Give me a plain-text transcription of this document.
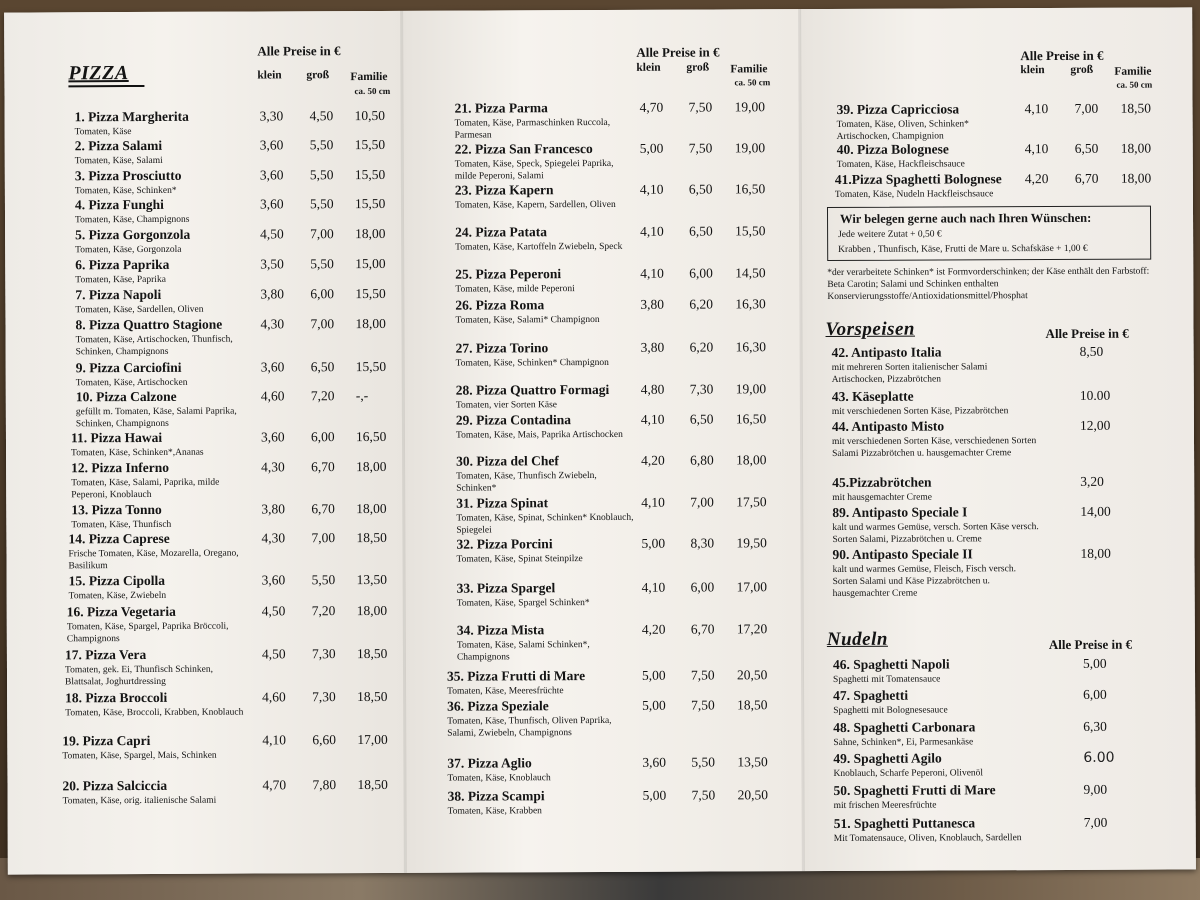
PIZZA
Alle Preise in €
klein groß Familie
ca. 50 cm
Alle Preise in €
klein groß Familie
ca. 50 cm
Alle Preise in €
klein groß Familie
ca. 50 cm
1. Pizza Margherita
Tomaten, Käse
3,30 4,50 10,50
2. Pizza Salami
Tomaten, Käse, Salami
3,60 5,50 15,50
3. Pizza Prosciutto
Tomaten, Käse, Schinken*
3,60 5,50 15,50
4. Pizza Funghi
Tomaten, Käse, Champignons
3,60 5,50 15,50
5. Pizza Gorgonzola
Tomaten, Käse, Gorgonzola
4,50 7,00 18,00
6. Pizza Paprika
Tomaten, Käse, Paprika
3,50 5,50 15,00
7. Pizza Napoli
Tomaten, Käse, Sardellen, Oliven
3,80 6,00 15,50
8. Pizza Quattro Stagione
Tomaten, Käse, Artischocken, Thunfisch, Schinken, Champignons
4,30 7,00 18,00
9. Pizza Carciofini
Tomaten, Käse, Artischocken
3,60 6,50 15,50
10. Pizza Calzone
gefüllt m. Tomaten, Käse, Salami Paprika, Schinken, Champignons
4,60 7,20 -,-
11. Pizza Hawai
Tomaten, Käse, Schinken*,Ananas
3,60 6,00 16,50
12. Pizza Inferno
Tomaten, Käse, Salami, Paprika, milde Peperoni, Knoblauch
4,30 6,70 18,00
13. Pizza Tonno
Tomaten, Käse, Thunfisch
3,80 6,70 18,00
14. Pizza Caprese
Frische Tomaten, Käse, Mozarella, Oregano, Basilikum
4,30 7,00 18,50
15. Pizza Cipolla
Tomaten, Käse, Zwiebeln
3,60 5,50 13,50
16. Pizza Vegetaria
Tomaten, Käse, Spargel, Paprika Bröccoli, Champignons
4,50 7,20 18,00
17. Pizza Vera
Tomaten, gek. Ei, Thunfisch Schinken, Blattsalat, Joghurtdressing
4,50 7,30 18,50
18. Pizza Broccoli
Tomaten, Käse, Broccoli, Krabben, Knoblauch
4,60 7,30 18,50
19. Pizza Capri
Tomaten, Käse, Spargel, Mais, Schinken
4,10 6,60 17,00
20. Pizza Salciccia
Tomaten, Käse, orig. italienische Salami
4,70 7,80 18,50
21. Pizza Parma
Tomaten, Käse, Parmaschinken Ruccola, Parmesan
4,70 7,50 19,00
22. Pizza San Francesco
Tomaten, Käse, Speck, Spiegelei Paprika, milde Peperoni, Salami
5,00 7,50 19,00
23. Pizza Kapern
Tomaten, Käse, Kapern, Sardellen, Oliven
4,10 6,50 16,50
24. Pizza Patata
Tomaten, Käse, Kartoffeln Zwiebeln, Speck
4,10 6,50 15,50
25. Pizza Peperoni
Tomaten, Käse, milde Peperoni
4,10 6,00 14,50
26. Pizza Roma
Tomaten, Käse, Salami* Champignon
3,80 6,20 16,30
27. Pizza Torino
Tomaten, Käse, Schinken* Champignon
3,80 6,20 16,30
28. Pizza Quattro Formagi
Tomaten, vier Sorten Käse
4,80 7,30 19,00
29. Pizza Contadina
Tomaten, Käse, Mais, Paprika Artischocken
4,10 6,50 16,50
30. Pizza del Chef
Tomaten, Käse, Thunfisch Zwiebeln, Schinken*
4,20 6,80 18,00
31. Pizza Spinat
Tomaten, Käse, Spinat, Schinken* Knoblauch, Spiegelei
4,10 7,00 17,50
32. Pizza Porcini
Tomaten, Käse, Spinat Steinpilze
5,00 8,30 19,50
33. Pizza Spargel
Tomaten, Käse, Spargel Schinken*
4,10 6,00 17,00
34. Pizza Mista
Tomaten, Käse, Salami Schinken*, Champignons
4,20 6,70 17,20
35. Pizza Frutti di Mare
Tomaten, Käse, Meeresfrüchte
5,00 7,50 20,50
36. Pizza Speziale
Tomaten, Käse, Thunfisch, Oliven Paprika, Salami, Zwiebeln, Champignons
5,00 7,50 18,50
37. Pizza Aglio
Tomaten, Käse, Knoblauch
3,60 5,50 13,50
38. Pizza Scampi
Tomaten, Käse, Krabben
5,00 7,50 20,50
39. Pizza Capricciosa
Tomaten, Käse, Oliven, Schinken* Artischocken, Champignion
4,10 7,00 18,50
40. Pizza Bolognese
Tomaten, Käse, Hackfleischsauce
4,10 6,50 18,00
41.Pizza Spaghetti Bolognese
Tomaten, Käse, Nudeln Hackfleischsauce
4,20 6,70 18,00
Wir belegen gerne auch nach Ihren Wünschen:
Jede weitere Zutat + 0,50 €
Krabben , Thunfisch, Käse, Frutti de Mare u. Schafskäse + 1,00 €
*der verarbeitete Schinken* ist Formvorderschinken; der Käse enthält den Farbstoff: Beta Carotin; Salami und Schinken enthalten Konservierungsstoffe/Antioxidationsmittel/Phosphat
Vorspeisen	Alle Preise in €
42. Antipasto Italia
mit mehreren Sorten italienischer Salami Artischocken, Pizzabrötchen
8,50
43. Käseplatte
mit verschiedenen Sorten Käse, Pizzabrötchen
10.00
44. Antipasto Misto
mit verschiedenen Sorten Käse, verschiedenen Sorten Salami Pizzabrötchen u. hausgemachter Creme
12,00
45.Pizzabrötchen
mit hausgemachter Creme
3,20
89. Antipasto Speciale I
kalt und warmes Gemüse, versch. Sorten Käse versch. Sorten Salami, Pizzabrötchen u. Creme
14,00
90. Antipasto Speciale II
kalt und warmes Gemüse, Fleisch, Fisch versch. Sorten Salami und Käse Pizzabrötchen u. hausgemachter Creme
18,00
Nudeln	Alle Preise in €
46. Spaghetti Napoli
Spaghetti mit Tomatensauce
5,00
47. Spaghetti
Spaghetti mit Bolognesesauce
6,00
48. Spaghetti Carbonara
Sahne, Schinken*, Ei, Parmesankäse
6,30
49. Spaghetti Agilo
Knoblauch, Scharfe Peperoni, Olivenöl
6.00
50. Spaghetti Frutti di Mare
mit frischen Meeresfrüchte
9,00
51. Spaghetti Puttanesca
Mit Tomatensauce, Oliven, Knoblauch, Sardellen
7,00
